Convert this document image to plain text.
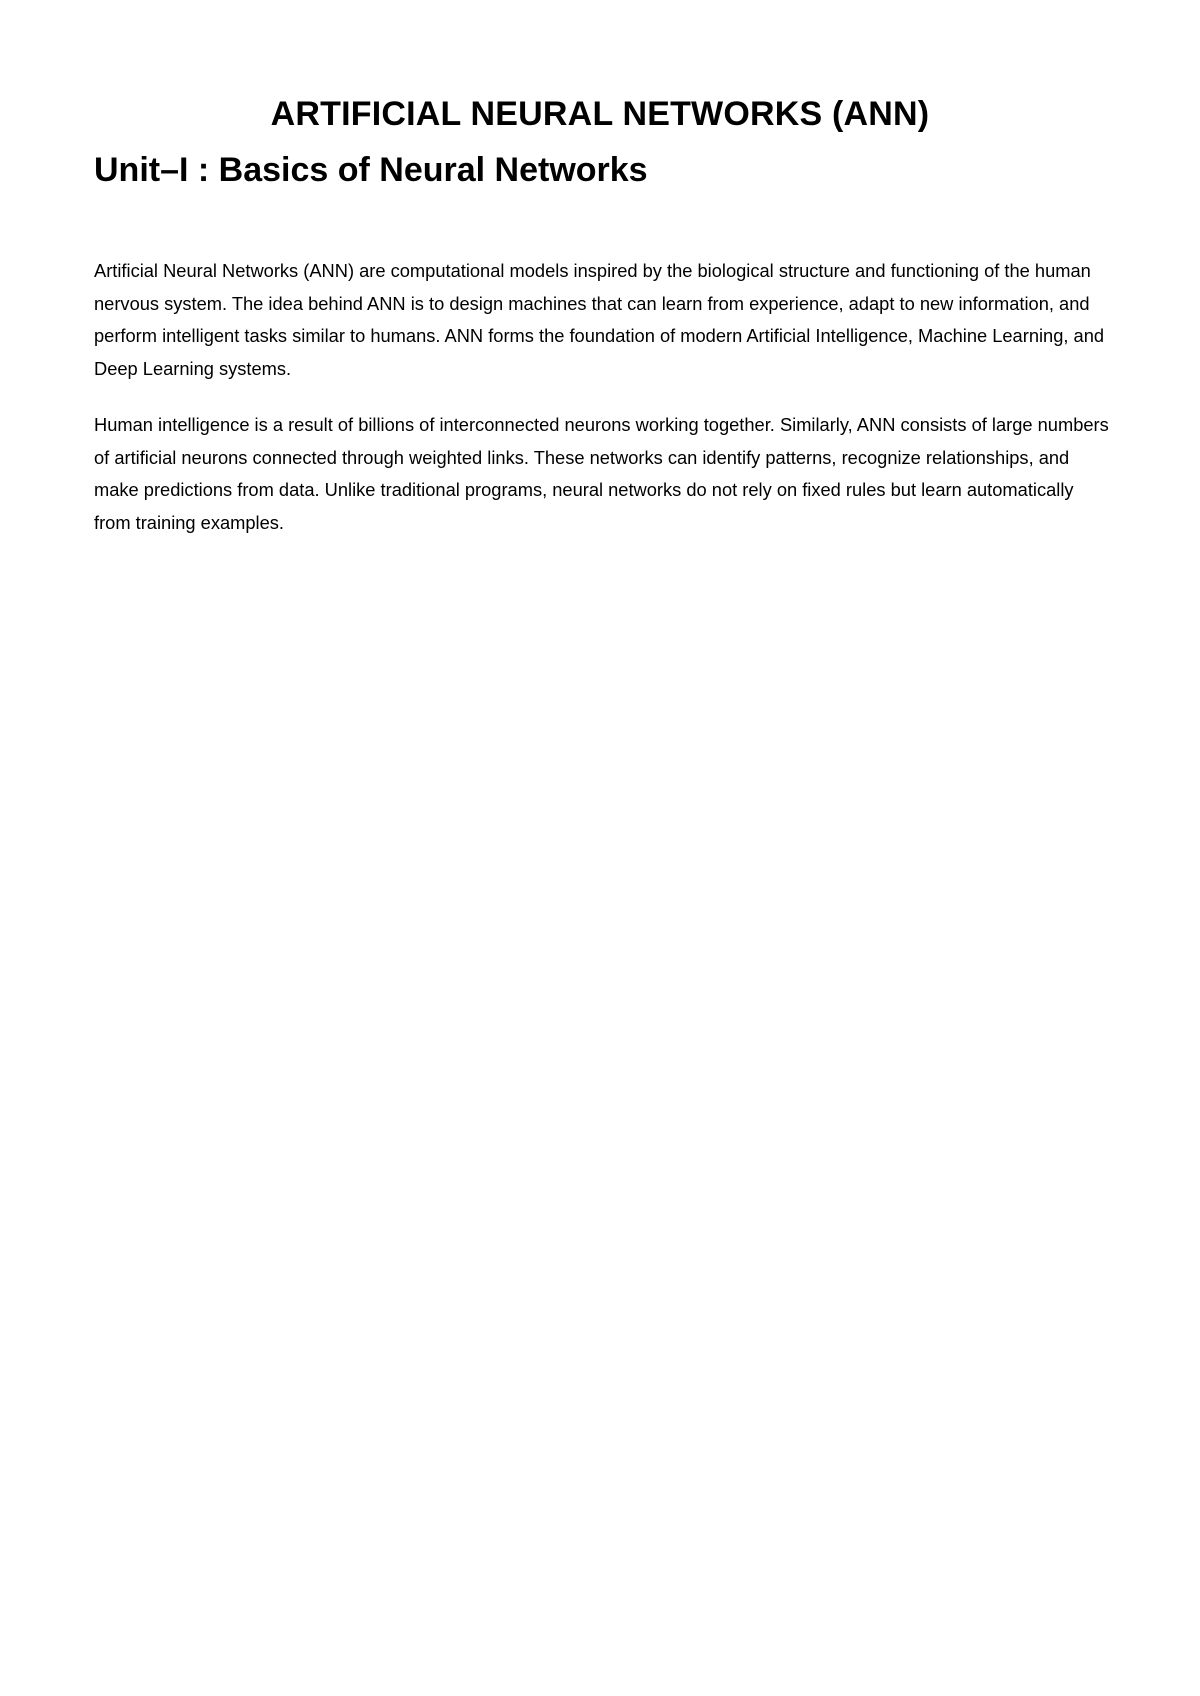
ARTIFICIAL NEURAL NETWORKS (ANN)
Unit–I : Basics of Neural Networks

Artificial Neural Networks (ANN) are computational models inspired by the biological structure and functioning of the human nervous system. The idea behind ANN is to design machines that can learn from experience, adapt to new information, and perform intelligent tasks similar to humans. ANN forms the foundation of modern Artificial Intelligence, Machine Learning, and Deep Learning systems.

Human intelligence is a result of billions of interconnected neurons working together. Similarly, ANN consists of large numbers of artificial neurons connected through weighted links. These networks can identify patterns, recognize relationships, and make predictions from data. Unlike traditional programs, neural networks do not rely on fixed rules but learn automatically from training examples.
